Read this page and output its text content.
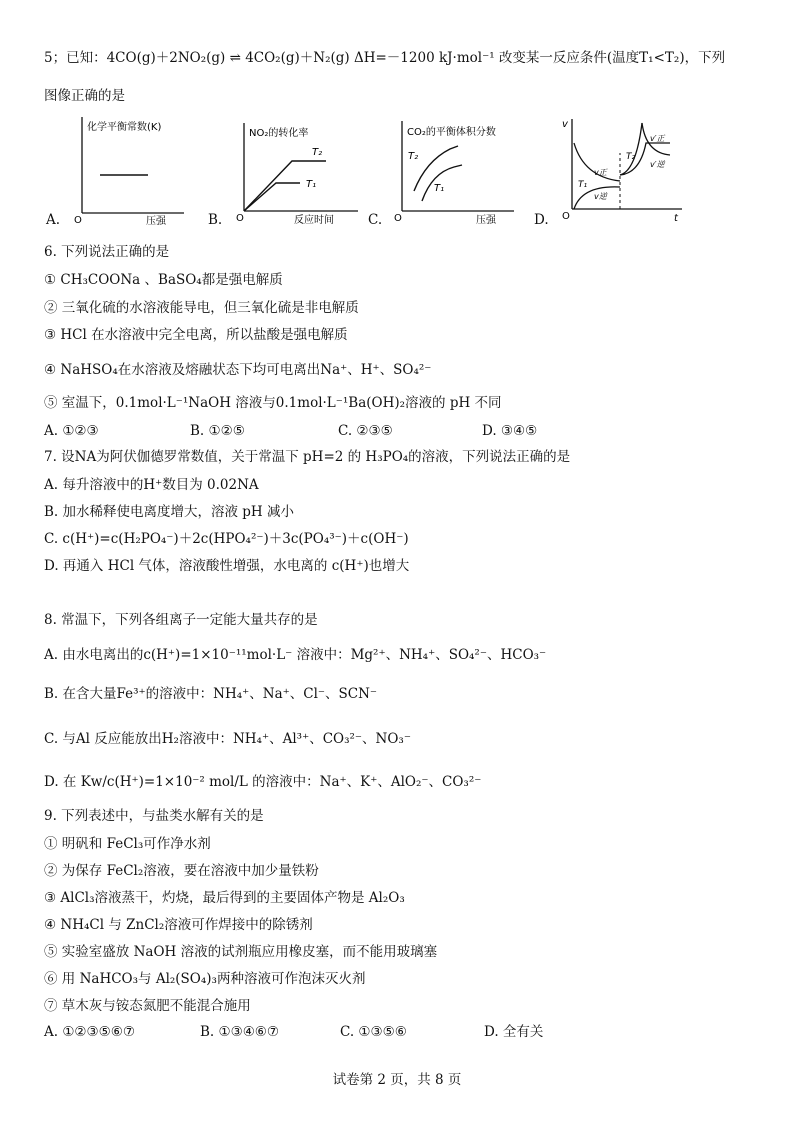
5；已知：4CO(g)＋2NO₂(g) ⇌ 4CO₂(g)＋N₂(g) ΔH=－1200 kJ·mol⁻¹ 改变某一反应条件(温度T₁<T₂)，下列
图像正确的是
A.	B.	C.	D.
化学平衡常数(K)
O	压强
NO₂的转化率
T₂
T₁
O	反应时间
CO₂的平衡体积分数
T₂
T₁
O	压强
v
t
O
T₁
T₂
v正
v逆
v′正
v′逆
6. 下列说法正确的是
① CH₃COONa 、BaSO₄都是强电解质
② 三氧化硫的水溶液能导电，但三氧化硫是非电解质
③ HCl 在水溶液中完全电离，所以盐酸是强电解质
④ NaHSO₄在水溶液及熔融状态下均可电离出Na⁺、H⁺、SO₄²⁻
⑤ 室温下，0.1mol·L⁻¹NaOH 溶液与0.1mol·L⁻¹Ba(OH)₂溶液的 pH 不同
A. ①②③	B. ①②⑤	C. ②③⑤	D. ③④⑤
7. 设NA为阿伏伽德罗常数值，关于常温下 pH=2 的 H₃PO₄的溶液，下列说法正确的是
A. 每升溶液中的H⁺数目为 0.02NA
B. 加水稀释使电离度增大，溶液 pH 减小
C. c(H⁺)=c(H₂PO₄⁻)＋2c(HPO₄²⁻)＋3c(PO₄³⁻)＋c(OH⁻)
D. 再通入 HCl 气体，溶液酸性增强，水电离的 c(H⁺)也增大
8. 常温下，下列各组离子一定能大量共存的是
A. 由水电离出的c(H⁺)=1×10⁻¹¹mol·L⁻ 溶液中：Mg²⁺、NH₄⁺、SO₄²⁻、HCO₃⁻
B. 在含大量Fe³⁺的溶液中：NH₄⁺、Na⁺、Cl⁻、SCN⁻
C. 与Al 反应能放出H₂溶液中：NH₄⁺、Al³⁺、CO₃²⁻、NO₃⁻
D. 在 Kw/c(H⁺)=1×10⁻² mol/L 的溶液中：Na⁺、K⁺、AlO₂⁻、CO₃²⁻
9. 下列表述中，与盐类水解有关的是
① 明矾和 FeCl₃可作净水剂
② 为保存 FeCl₂溶液，要在溶液中加少量铁粉
③ AlCl₃溶液蒸干，灼烧，最后得到的主要固体产物是 Al₂O₃
④ NH₄Cl 与 ZnCl₂溶液可作焊接中的除锈剂
⑤ 实验室盛放 NaOH 溶液的试剂瓶应用橡皮塞，而不能用玻璃塞
⑥ 用 NaHCO₃与 Al₂(SO₄)₃两种溶液可作泡沫灭火剂
⑦ 草木灰与铵态氮肥不能混合施用
A. ①②③⑤⑥⑦	B. ①③④⑥⑦	C. ①③⑤⑥	D. 全有关
试卷第 2 页，共 8 页
